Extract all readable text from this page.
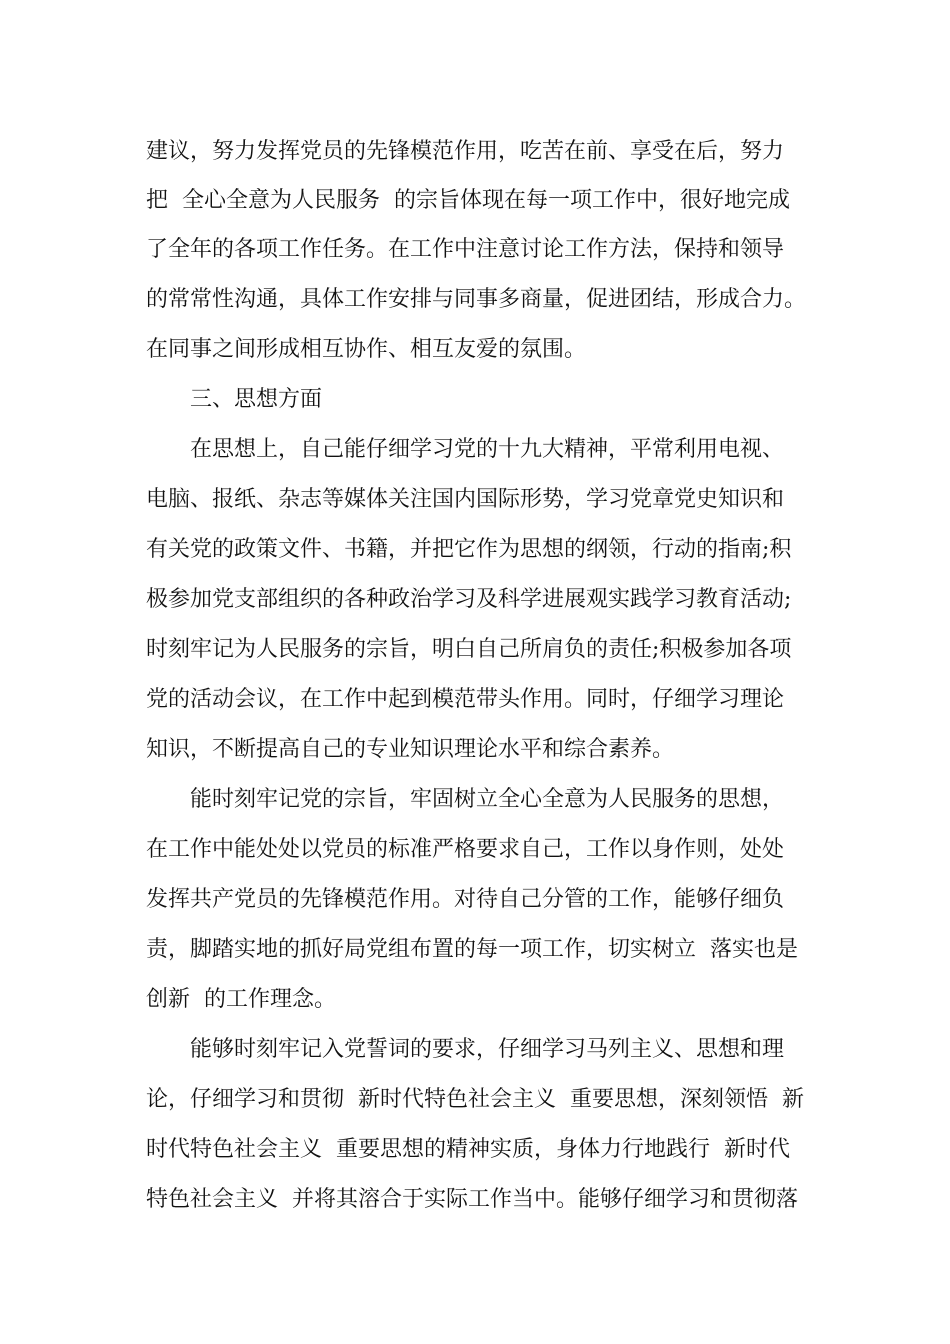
建议，努力发挥党员的先锋模范作用，吃苦在前、享受在后，努力

把  全心全意为人民服务  的宗旨体现在每一项工作中，很好地完成

了全年的各项工作任务。在工作中注意讨论工作方法，保持和领导

的常常性沟通，具体工作安排与同事多商量，促进团结，形成合力。

在同事之间形成相互协作、相互友爱的氛围。

三、思想方面

在思想上，自己能仔细学习党的十九大精神，平常利用电视、

电脑、报纸、杂志等媒体关注国内国际形势，学习党章党史知识和

有关党的政策文件、书籍，并把它作为思想的纲领，行动的指南;积

极参加党支部组织的各种政治学习及科学进展观实践学习教育活动;

时刻牢记为人民服务的宗旨，明白自己所肩负的责任;积极参加各项

党的活动会议，在工作中起到模范带头作用。同时，仔细学习理论

知识，不断提高自己的专业知识理论水平和综合素养。

能时刻牢记党的宗旨，牢固树立全心全意为人民服务的思想，

在工作中能处处以党员的标准严格要求自己，工作以身作则，处处

发挥共产党员的先锋模范作用。对待自己分管的工作，能够仔细负

责，脚踏实地的抓好局党组布置的每一项工作，切实树立  落实也是

创新  的工作理念。

能够时刻牢记入党誓词的要求，仔细学习马列主义、思想和理

论，仔细学习和贯彻  新时代特色社会主义  重要思想，深刻领悟  新

时代特色社会主义  重要思想的精神实质，身体力行地践行  新时代

特色社会主义  并将其溶合于实际工作当中。能够仔细学习和贯彻落
